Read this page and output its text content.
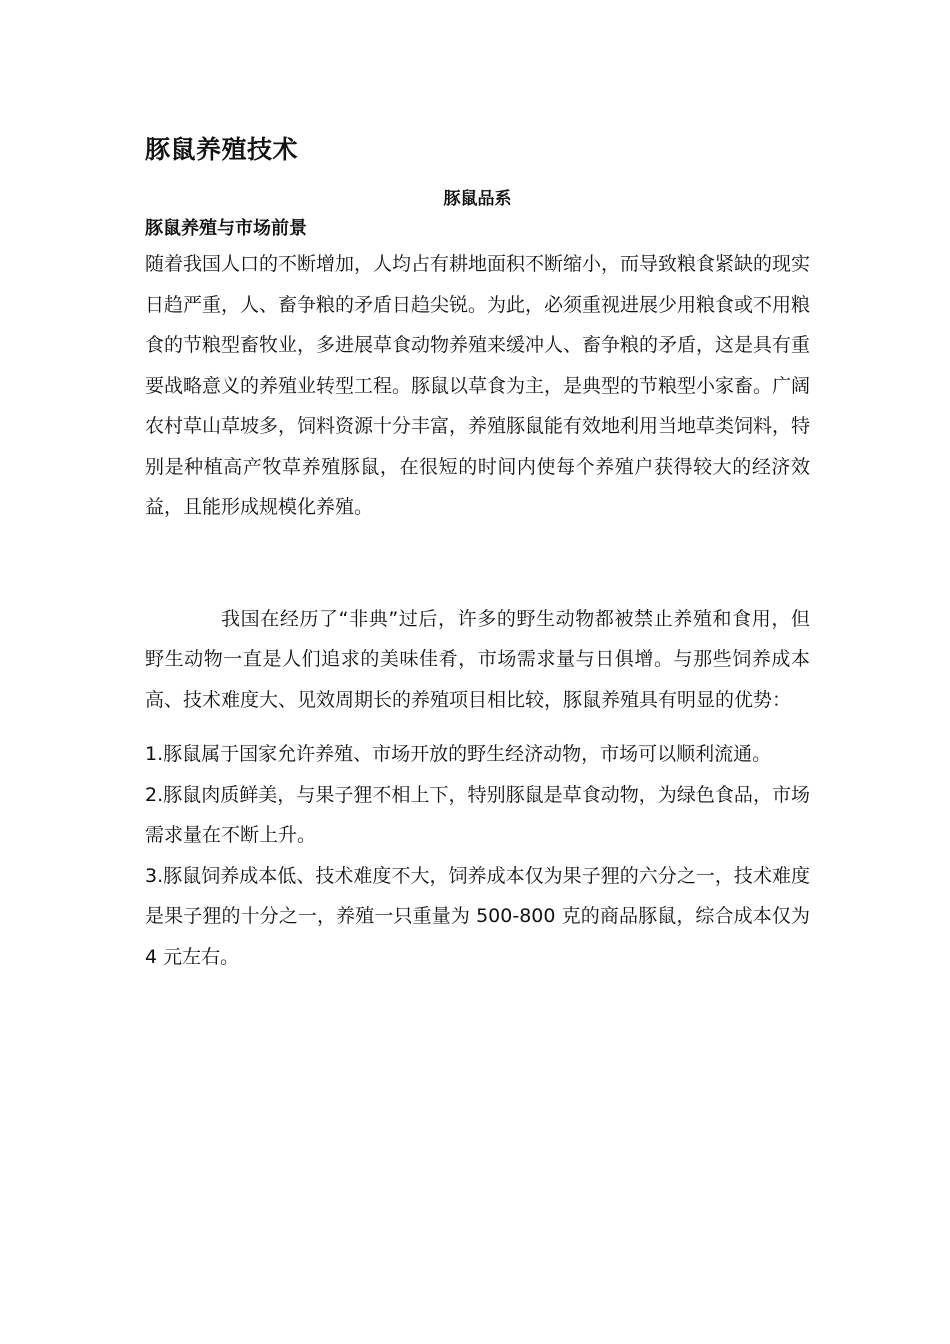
豚鼠养殖技术
豚鼠品系
豚鼠养殖与市场前景

随着我国人口的不断增加，人均占有耕地面积不断缩小，而导致粮食紧缺的现实日趋严重，人、畜争粮的矛盾日趋尖锐。为此，必须重视进展少用粮食或不用粮食的节粮型畜牧业，多进展草食动物养殖来缓冲人、畜争粮的矛盾，这是具有重要战略意义的养殖业转型工程。豚鼠以草食为主，是典型的节粮型小家畜。广阔农村草山草坡多，饲料资源十分丰富，养殖豚鼠能有效地利用当地草类饲料，特别是种植高产牧草养殖豚鼠，在很短的时间内使每个养殖户获得较大的经济效益，且能形成规模化养殖。

我国在经历了“非典”过后，许多的野生动物都被禁止养殖和食用，但野生动物一直是人们追求的美味佳肴，市场需求量与日俱增。与那些饲养成本高、技术难度大、见效周期长的养殖项目相比较，豚鼠养殖具有明显的优势：

1.豚鼠属于国家允许养殖、市场开放的野生经济动物，市场可以顺利流通。
2.豚鼠肉质鲜美，与果子狸不相上下，特别豚鼠是草食动物，为绿色食品，市场需求量在不断上升。
3.豚鼠饲养成本低、技术难度不大，饲养成本仅为果子狸的六分之一，技术难度是果子狸的十分之一，养殖一只重量为 500-800 克的商品豚鼠，综合成本仅为 4 元左右。
